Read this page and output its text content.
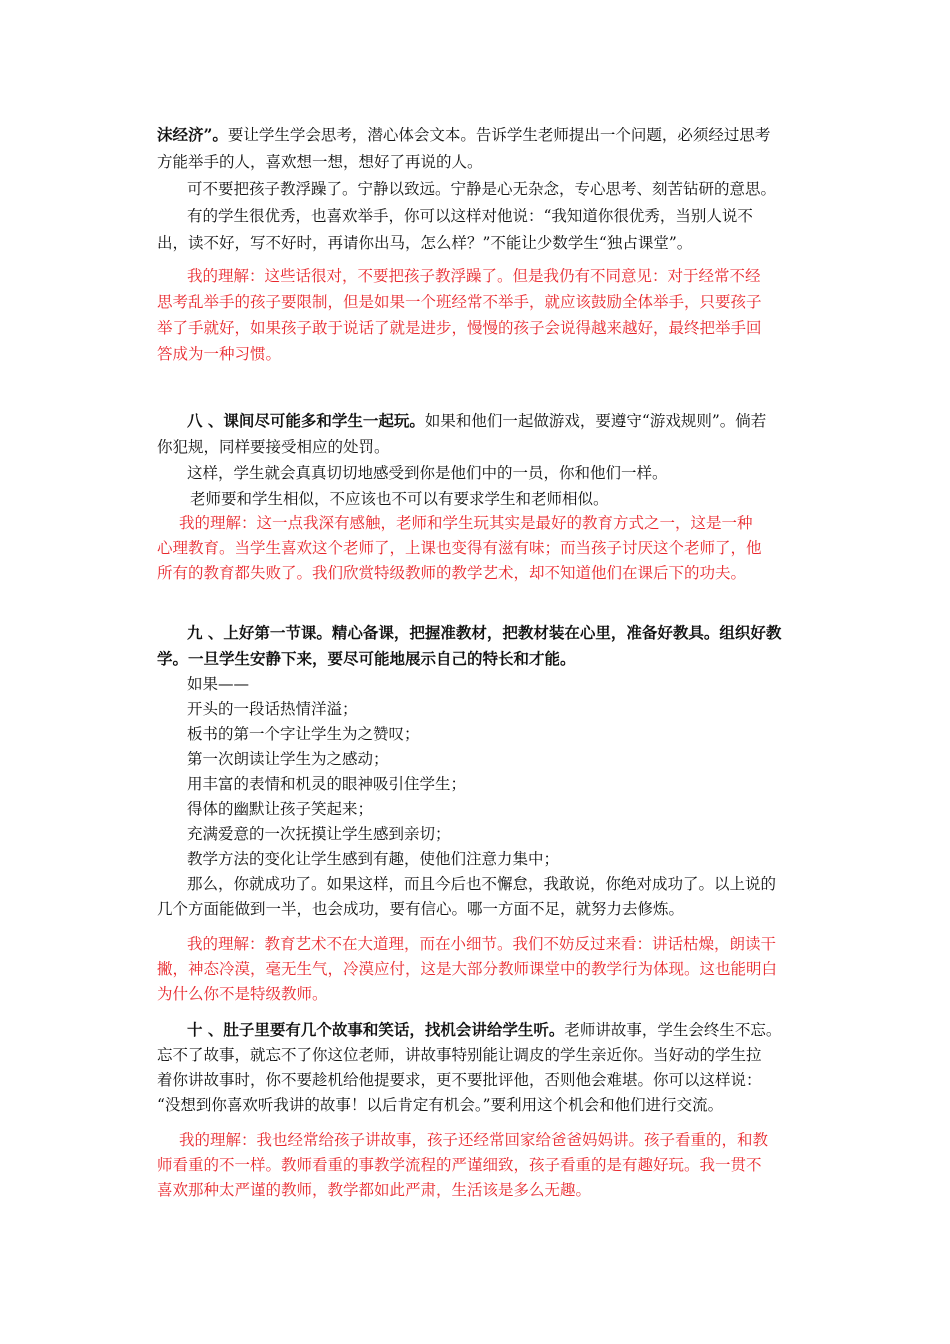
沫经济”。要让学生学会思考，潜心体会文本。告诉学生老师提出一个问题，必须经过思考
方能举手的人，喜欢想一想，想好了再说的人。
可不要把孩子教浮躁了。宁静以致远。宁静是心无杂念，专心思考、刻苦钻研的意思。
有的学生很优秀，也喜欢举手，你可以这样对他说：“我知道你很优秀，当别人说不
出，读不好，写不好时，再请你出马，怎么样？”不能让少数学生“独占课堂”。
我的理解：这些话很对，不要把孩子教浮躁了。但是我仍有不同意见：对于经常不经
思考乱举手的孩子要限制，但是如果一个班经常不举手，就应该鼓励全体举手，只要孩子
举了手就好，如果孩子敢于说话了就是进步，慢慢的孩子会说得越来越好，最终把举手回
答成为一种习惯。
八 、课间尽可能多和学生一起玩。如果和他们一起做游戏，要遵守“游戏规则”。倘若
你犯规，同样要接受相应的处罚。
这样，学生就会真真切切地感受到你是他们中的一员，你和他们一样。
老师要和学生相似，不应该也不可以有要求学生和老师相似。
我的理解：这一点我深有感触，老师和学生玩其实是最好的教育方式之一，这是一种
心理教育。当学生喜欢这个老师了，上课也变得有滋有味；而当孩子讨厌这个老师了，他
所有的教育都失败了。我们欣赏特级教师的教学艺术，却不知道他们在课后下的功夫。
九 、上好第一节课。精心备课，把握准教材，把教材装在心里，准备好教具。组织好教
学。一旦学生安静下来，要尽可能地展示自己的特长和才能。
如果——
开头的一段话热情洋溢；
板书的第一个字让学生为之赞叹；
第一次朗读让学生为之感动；
用丰富的表情和机灵的眼神吸引住学生；
得体的幽默让孩子笑起来；
充满爱意的一次抚摸让学生感到亲切；
教学方法的变化让学生感到有趣，使他们注意力集中；
那么，你就成功了。如果这样，而且今后也不懈怠，我敢说，你绝对成功了。以上说的
几个方面能做到一半，也会成功，要有信心。哪一方面不足，就努力去修炼。
我的理解：教育艺术不在大道理，而在小细节。我们不妨反过来看：讲话枯燥，朗读干
撇，神态冷漠，毫无生气，冷漠应付，这是大部分教师课堂中的教学行为体现。这也能明白
为什么你不是特级教师。
十 、肚子里要有几个故事和笑话，找机会讲给学生听。老师讲故事，学生会终生不忘。
忘不了故事，就忘不了你这位老师，讲故事特别能让调皮的学生亲近你。当好动的学生拉
着你讲故事时，你不要趁机给他提要求，更不要批评他，否则他会难堪。你可以这样说：
“没想到你喜欢听我讲的故事！以后肯定有机会。”要利用这个机会和他们进行交流。
我的理解：我也经常给孩子讲故事，孩子还经常回家给爸爸妈妈讲。孩子看重的，和教
师看重的不一样。教师看重的事教学流程的严谨细致，孩子看重的是有趣好玩。我一贯不
喜欢那种太严谨的教师，教学都如此严肃，生活该是多么无趣。
